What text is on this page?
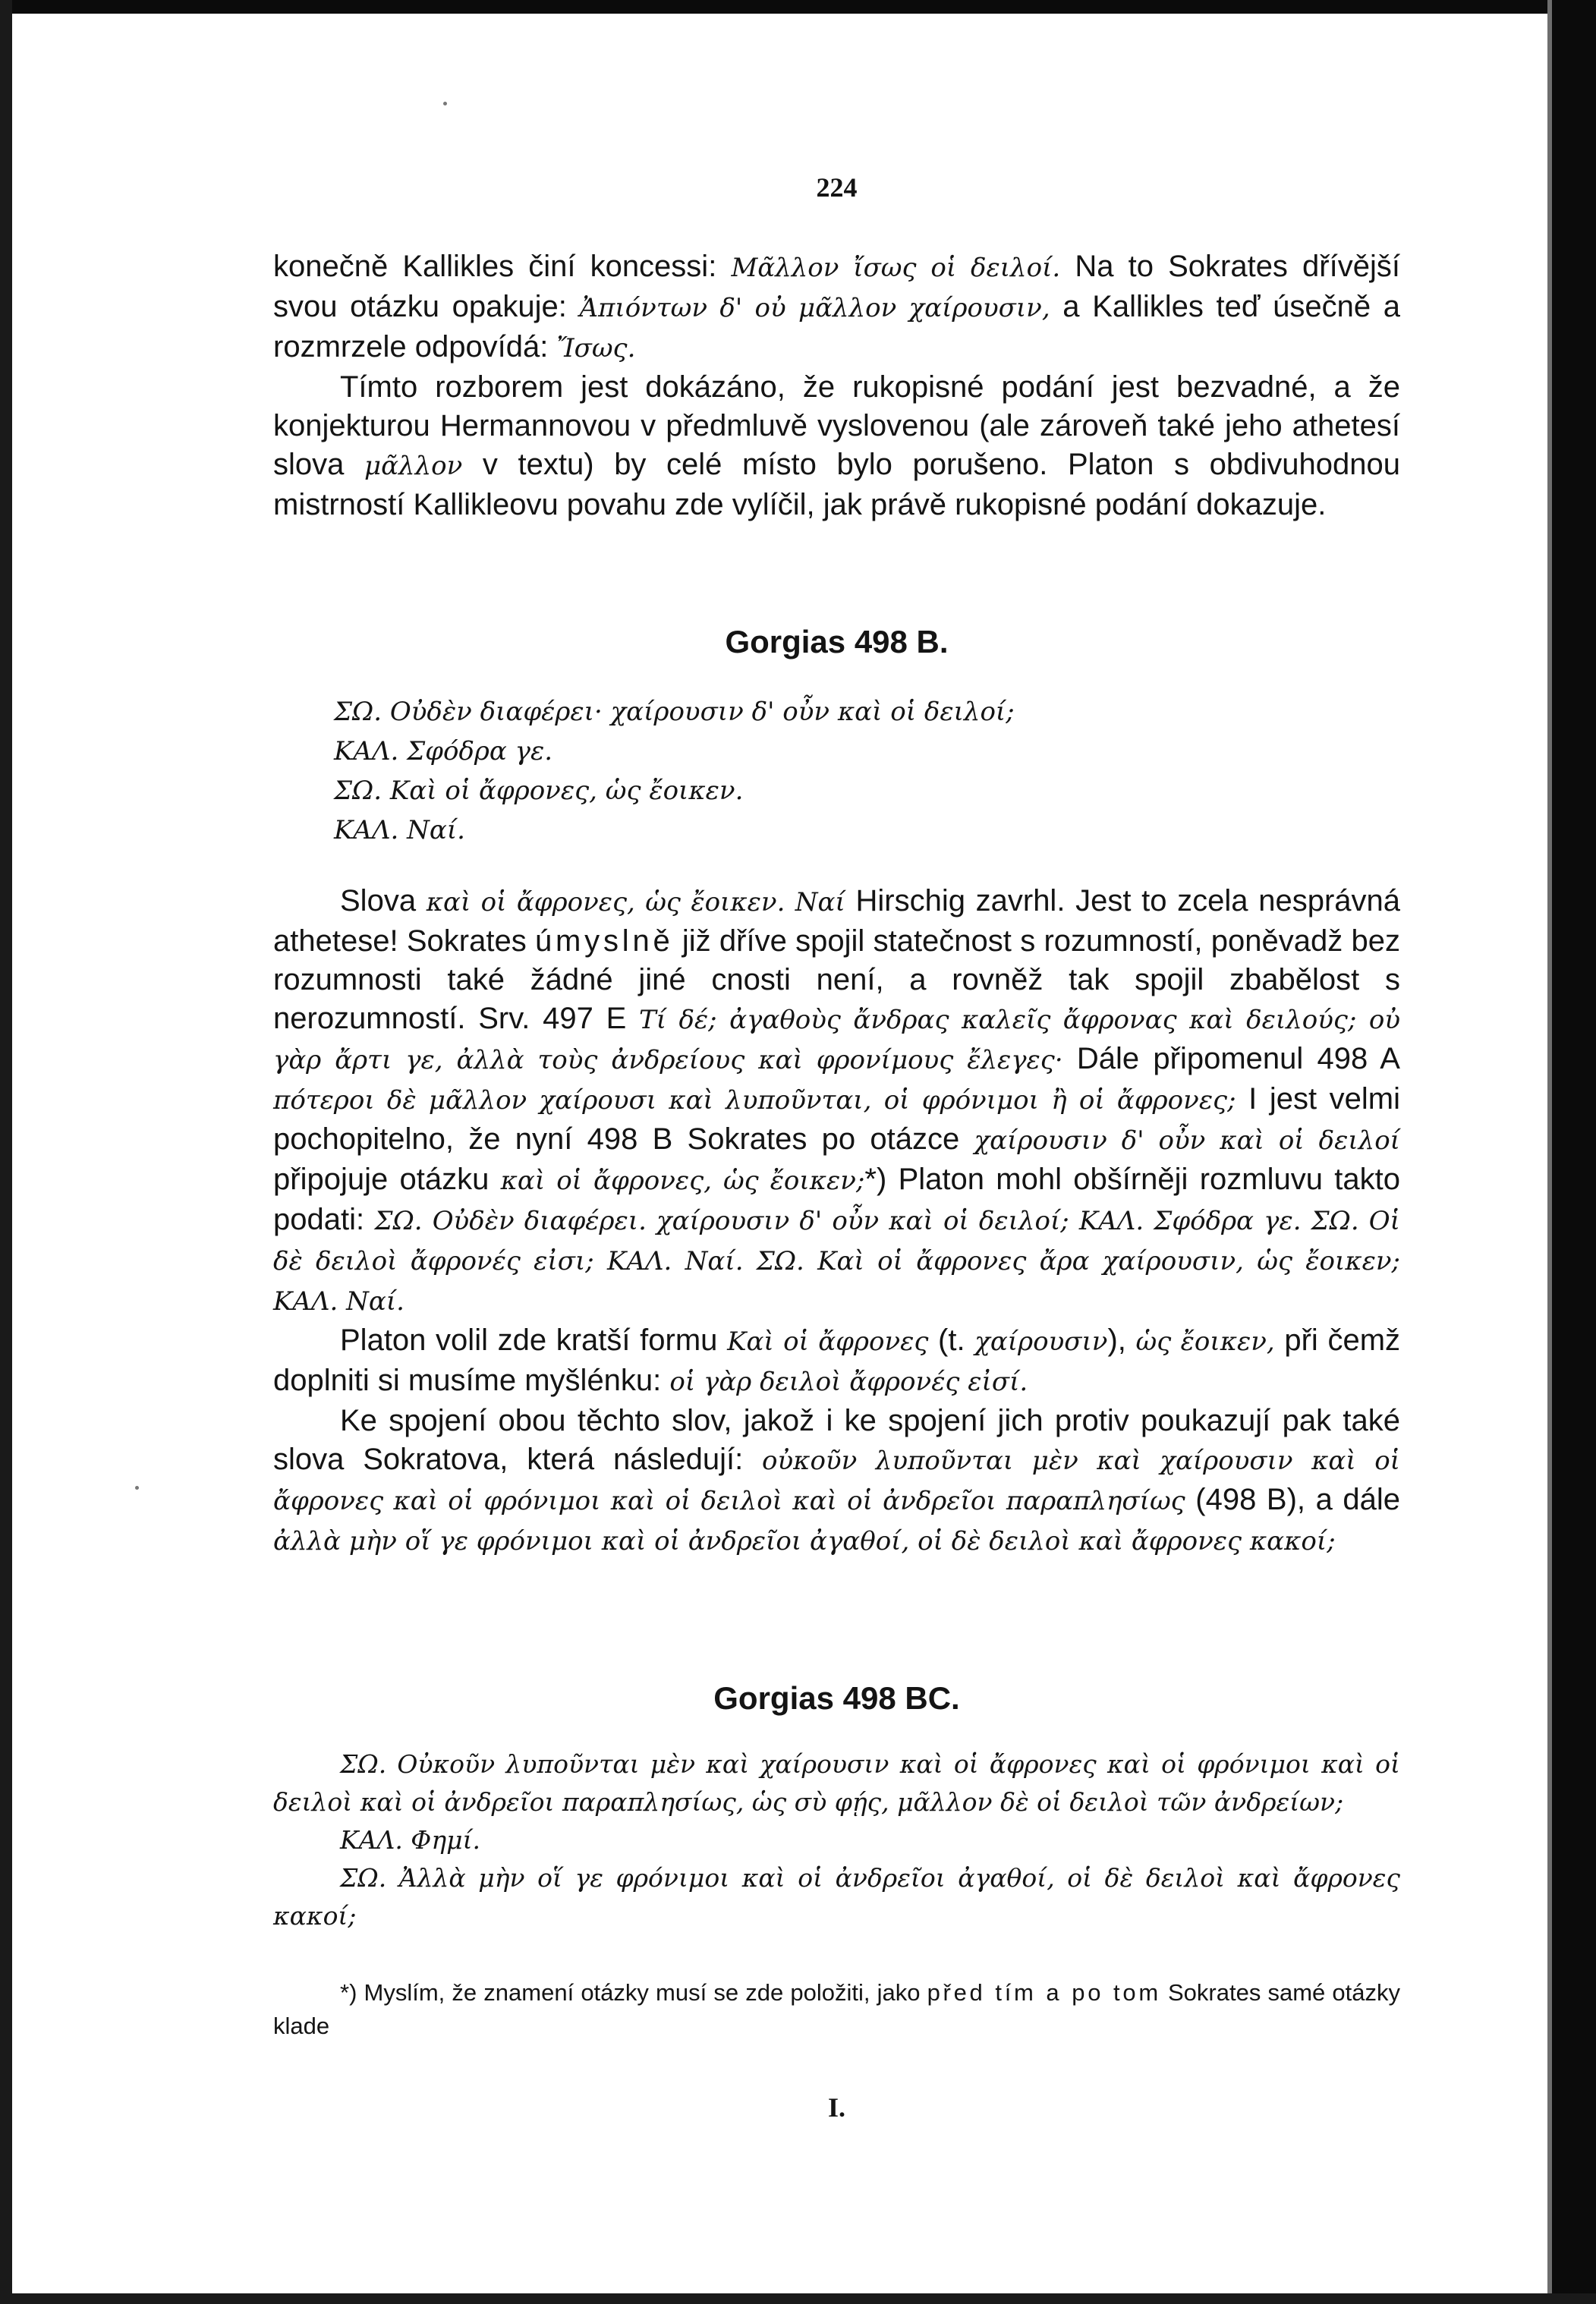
224

konečně Kallikles činí koncessi: Μᾶλλον ἴσως οἱ δειλοί. Na to Sokrates dřívější svou otázku opakuje: Ἀπιόντων δ' οὐ μᾶλλον χαίρουσιν, a Kallikles teď úsečně a rozmrzele odpovídá: Ἴσως.

Tímto rozborem jest dokázáno, že rukopisné podání jest bezvadné, a že konjekturou Hermannovou v předmluvě vyslovenou (ale zároveň také jeho athetesí slova μᾶλλον v textu) by celé místo bylo porušeno. Platon s obdivuhodnou mistrností Kallikleovu povahu zde vylíčil, jak právě rukopisné podání dokazuje.

Gorgias 498 B.
ΣΩ. Οὐδὲν διαφέρει· χαίρουσιν δ' οὖν καὶ οἱ δειλοί;
ΚΑΛ. Σφόδρα γε.
ΣΩ. Καὶ οἱ ἄφρονες, ὡς ἔοικεν.
ΚΑΛ. Ναί.

Slova καὶ οἱ ἄφρονες, ὡς ἔοικεν. Ναί Hirschig zavrhl. Jest to zcela nesprávná athetese! Sokrates úmyslně již dříve spojil statečnost s rozumností, poněvadž bez rozumnosti také žádné jiné cnosti není, a rovněž tak spojil zbabělost s nerozumností. Srv. 497 E Τί δέ; ἀγαθοὺς ἄνδρας καλεῖς ἄφρονας καὶ δειλούς; οὐ γὰρ ἄρτι γε, ἀλλὰ τοὺς ἀνδρείους καὶ φρονίμους ἔλεγες· Dále připomenul 498 A πότεροι δὲ μᾶλλον χαίρουσι καὶ λυποῦνται, οἱ φρόνιμοι ἢ οἱ ἄφρονες; I jest velmi pochopitelno, že nyní 498 B Sokrates po otázce χαίρουσιν δ' οὖν καὶ οἱ δειλοί připojuje otázku καὶ οἱ ἄφρονες, ὡς ἔοικεν;*) Platon mohl obšírněji rozmluvu takto podati: ΣΩ. Οὐδὲν διαφέρει. χαίρουσιν δ' οὖν καὶ οἱ δειλοί; ΚΑΛ. Σφόδρα γε. ΣΩ. Οἱ δὲ δειλοὶ ἄφρονές εἰσι; ΚΑΛ. Ναί. ΣΩ. Καὶ οἱ ἄφρονες ἄρα χαίρουσιν, ὡς ἔοικεν; ΚΑΛ. Ναί.

Platon volil zde kratší formu Καὶ οἱ ἄφρονες (t. χαίρουσιν), ὡς ἔοικεν, při čemž doplniti si musíme myšlénku: οἱ γὰρ δειλοὶ ἄφρονές εἰσί.

Ke spojení obou těchto slov, jakož i ke spojení jich protiv poukazují pak také slova Sokratova, která následují: οὐκοῦν λυποῦνται μὲν καὶ χαίρουσιν καὶ οἱ ἄφρονες καὶ οἱ φρόνιμοι καὶ οἱ δειλοὶ καὶ οἱ ἀνδρεῖοι παραπλησίως (498 B), a dále ἀλλὰ μὴν οἵ γε φρόνιμοι καὶ οἱ ἀνδρεῖοι ἀγαθοί, οἱ δὲ δειλοὶ καὶ ἄφρονες κακοί;

Gorgias 498 BC.

ΣΩ. Οὐκοῦν λυποῦνται μὲν καὶ χαίρουσιν καὶ οἱ ἄφρονες καὶ οἱ φρόνιμοι καὶ οἱ δειλοὶ καὶ οἱ ἀνδρεῖοι παραπλησίως, ὡς σὺ φῄς, μᾶλλον δὲ οἱ δειλοὶ τῶν ἀνδρείων;

ΚΑΛ. Φημί.

ΣΩ. Ἀλλὰ μὴν οἵ γε φρόνιμοι καὶ οἱ ἀνδρεῖοι ἀγαθοί, οἱ δὲ δειλοὶ καὶ ἄφρονες κακοί;

*) Myslím, že znamení otázky musí se zde položiti, jako před tím a po tom Sokrates samé otázky klade

I.
